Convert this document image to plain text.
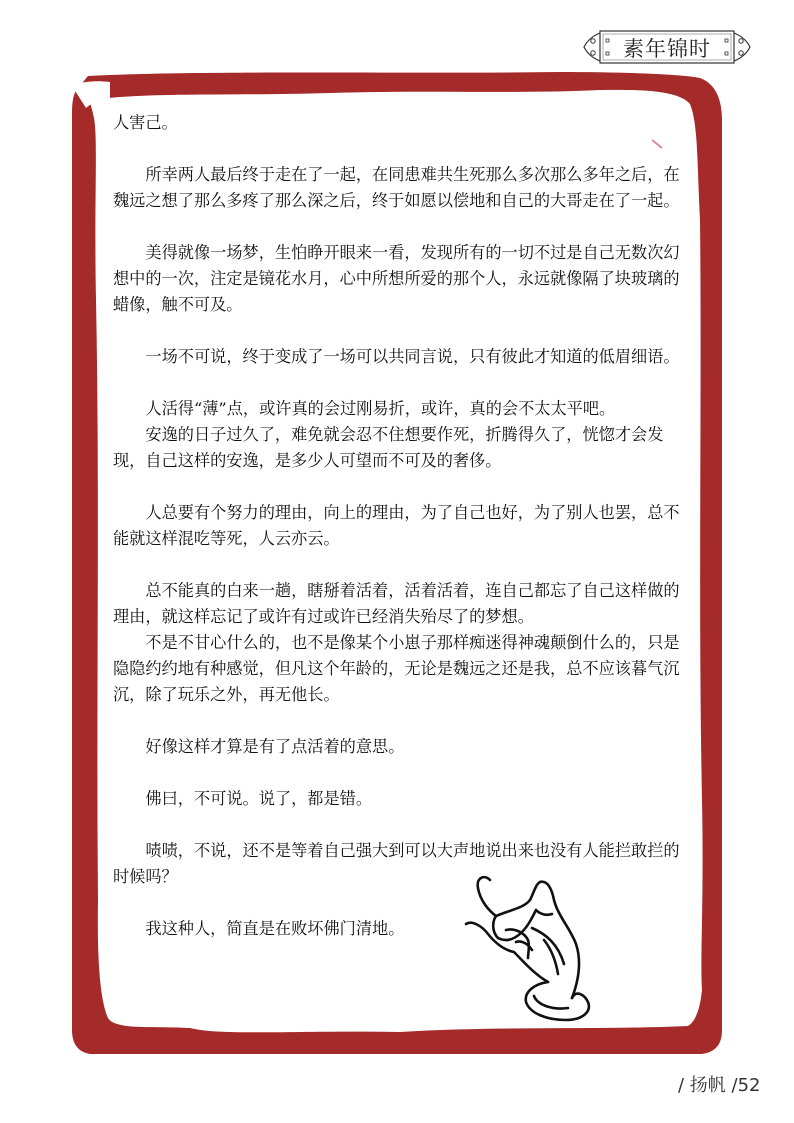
素年锦时

人害己。

所幸两人最后终于走在了一起，在同患难共生死那么多次那么多年之后，在魏远之想了那么多疼了那么深之后，终于如愿以偿地和自己的大哥走在了一起。

美得就像一场梦，生怕睁开眼来一看，发现所有的一切不过是自己无数次幻想中的一次，注定是镜花水月，心中所想所爱的那个人，永远就像隔了块玻璃的蜡像，触不可及。

一场不可说，终于变成了一场可以共同言说，只有彼此才知道的低眉细语。

人活得“薄”点，或许真的会过刚易折，或许，真的会不太太平吧。

安逸的日子过久了，难免就会忍不住想要作死，折腾得久了，恍惚才会发现，自己这样的安逸，是多少人可望而不可及的奢侈。

人总要有个努力的理由，向上的理由，为了自己也好，为了别人也罢，总不能就这样混吃等死，人云亦云。

总不能真的白来一趟，瞎掰着活着，活着活着，连自己都忘了自己这样做的理由，就这样忘记了或许有过或许已经消失殆尽了的梦想。

不是不甘心什么的，也不是像某个小崽子那样痴迷得神魂颠倒什么的，只是隐隐约约地有种感觉，但凡这个年龄的，无论是魏远之还是我，总不应该暮气沉沉，除了玩乐之外，再无他长。

好像这样才算是有了点活着的意思。

佛曰，不可说。说了，都是错。

啧啧，不说，还不是等着自己强大到可以大声地说出来也没有人能拦敢拦的时候吗？

我这种人，简直是在败坏佛门清地。

/ 扬帆 /52
